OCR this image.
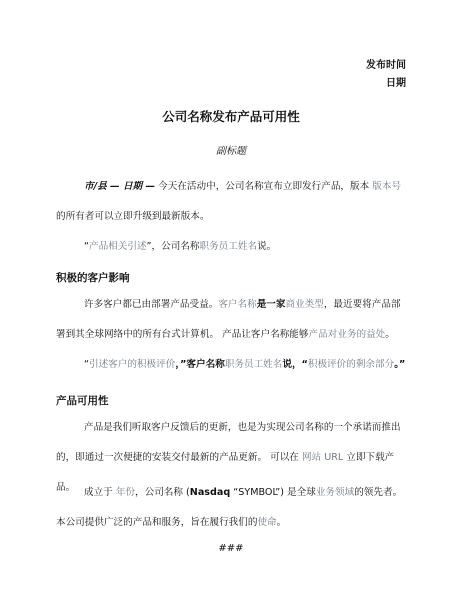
发布时间
日期
公司名称发布产品可用性
副标题

市/县 — 日期 — 今天在活动中，公司名称宣布立即发行产品，版本 版本号 的所有者可以立即升级到最新版本。

“产品相关引述”，公司名称职务员工姓名说。

积极的客户影响

许多客户都已由部署产品受益。客户名称是一家商业类型，最近要将产品部署到其全球网络中的所有台式计算机。 产品让客户名称能够产品对业务的益处。

“引述客户的积极评价，”客户名称职务员工姓名说，“积极评价的剩余部分。”

产品可用性

产品是我们听取客户反馈后的更新，也是为实现公司名称的一个承诺而推出的，即通过一次便捷的安装交付最新的产品更新。 可以在 网站 URL 立即下载产品。 成立于 年份，公司名称 (Nasdaq “SYMBOL”) 是全球业务领域的领先者。本公司提供广泛的产品和服务，旨在履行我们的使命。

###
